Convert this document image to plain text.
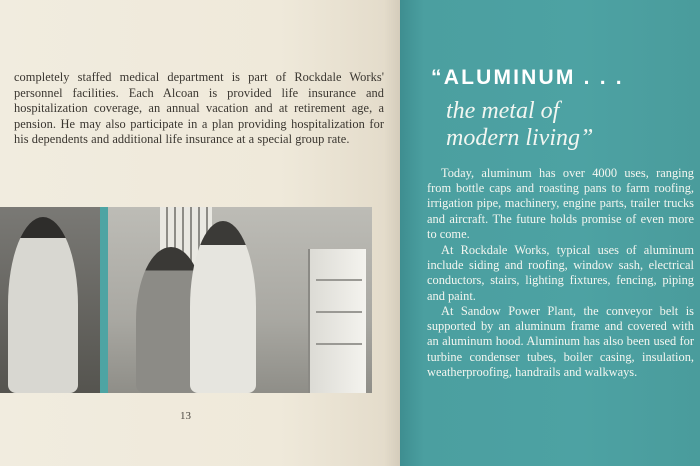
completely staffed medical department is part of Rockdale Works' personnel facilities. Each Alcoan is provided life insurance and hospitalization coverage, an annual vacation and at retirement age, a pension. He may also participate in a plan providing hospitalization for his dependents and additional life insurance at a special group rate.

13
“ALUMINUM . . .
the metal of
modern living”

Today, aluminum has over 4000 uses, ranging from bottle caps and roasting pans to farm roofing, irrigation pipe, machinery, engine parts, trailer trucks and aircraft. The future holds promise of even more to come.

At Rockdale Works, typical uses of aluminum include siding and roofing, window sash, electrical conductors, stairs, lighting fixtures, fencing, piping and paint.

At Sandow Power Plant, the conveyor belt is supported by an aluminum frame and covered with an aluminum hood. Aluminum has also been used for turbine condenser tubes, boiler casing, insulation, weatherproofing, handrails and walkways.
